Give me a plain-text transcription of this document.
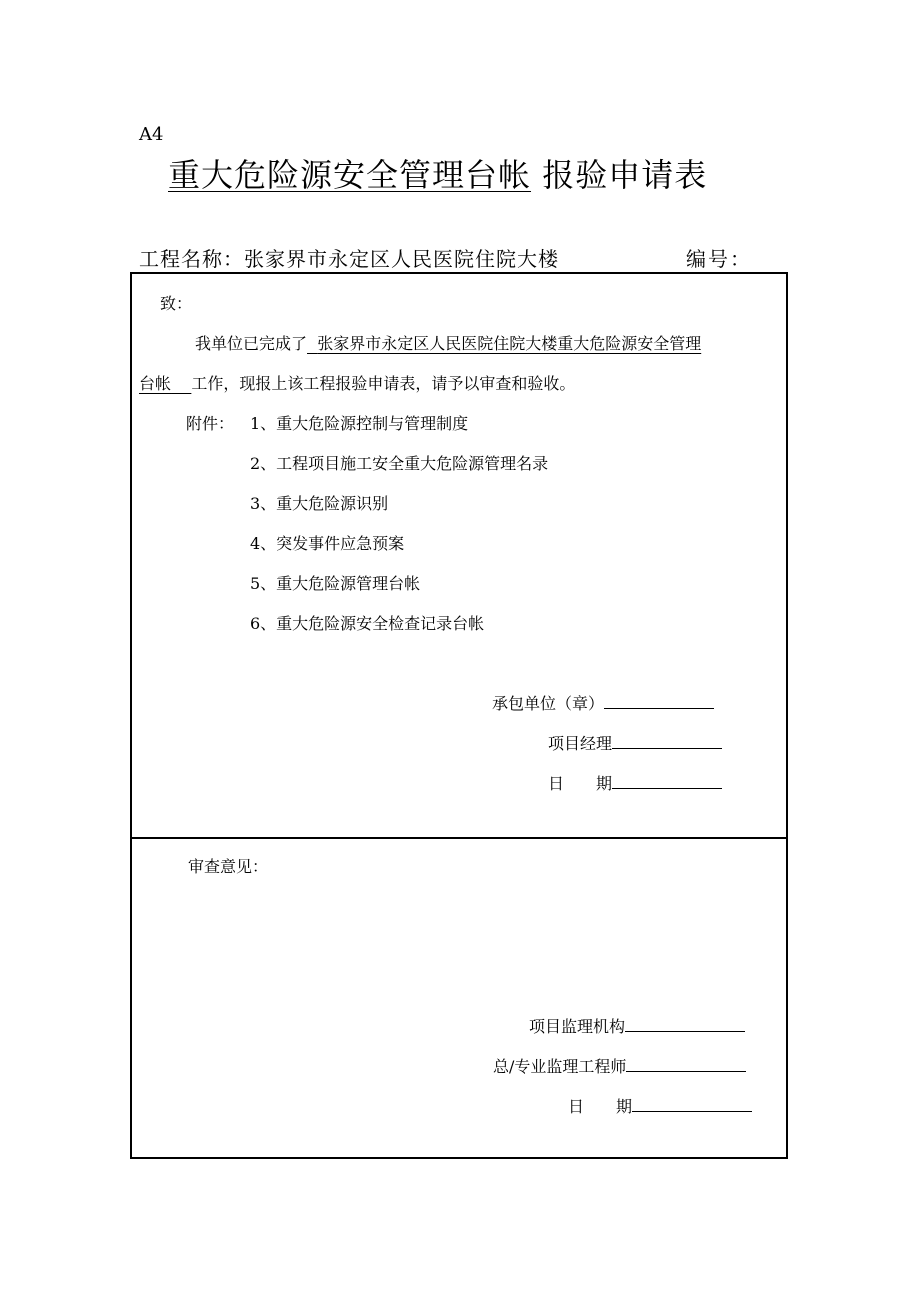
A4
重大危险源安全管理台帐 报验申请表
工程名称：张家界市永定区人民医院住院大楼	编号：
致：
我单位已完成了 张家界市永定区人民医院住院大楼重大危险源安全管理
台帐 工作，现报上该工程报验申请表，请予以审查和验收。
附件： 1、重大危险源控制与管理制度
2、工程项目施工安全重大危险源管理名录
3、重大危险源识别
4、突发事件应急预案
5、重大危险源管理台帐
6、重大危险源安全检查记录台帐
承包单位（章）
项目经理
日　　期
审查意见：
项目监理机构
总/专业监理工程师
日　　期
